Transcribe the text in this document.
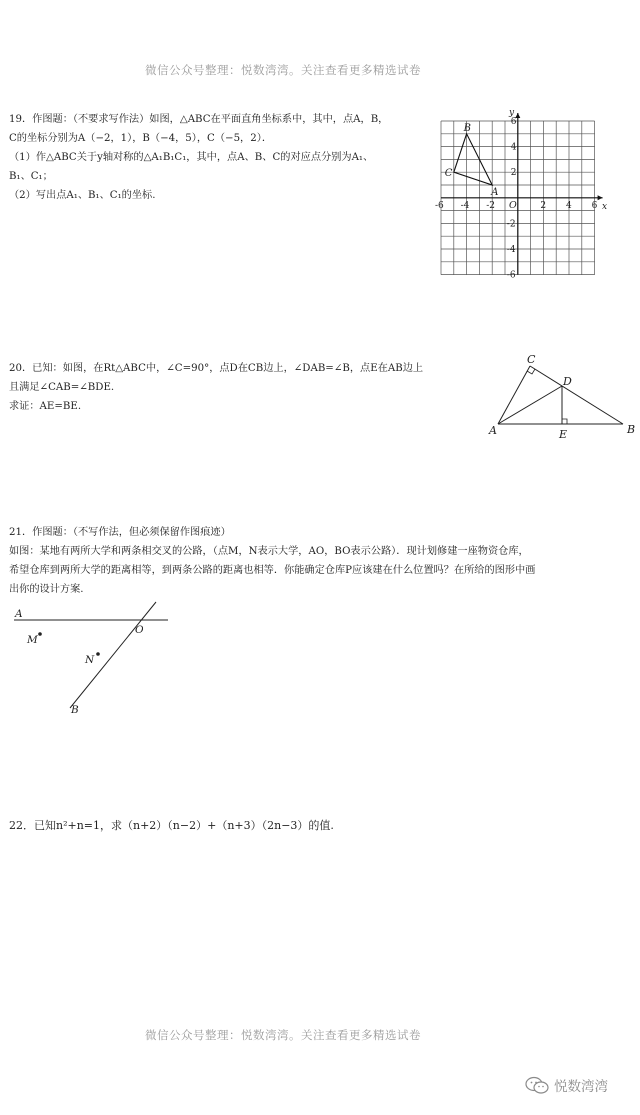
微信公众号整理：悦数湾湾。关注查看更多精选试卷
19．作图题：（不要求写作法）如图，△ABC在平面直角坐标系中，其中，点A，B，
C的坐标分别为A（−2，1），B（−4，5），C（−5，2）．
（1）作△ABC关于y轴对称的△A₁B₁C₁，其中，点A、B、C的对应点分别为A₁、
B₁、C₁；
（2）写出点A₁、B₁、C₁的坐标.
-6 -4 -2	2 4 6
6
4
2
-2
-4
-6
A
B
C
x
y
O
20．已知：如图，在Rt△ABC中，∠C=90°，点D在CB边上，∠DAB=∠B，点E在AB边上
且满足∠CAB=∠BDE.
求证：AE=BE.
C
D
A	E	B
21．作图题：（不写作法，但必须保留作图痕迹）
如图：某地有两所大学和两条相交叉的公路，（点M，N表示大学，AO，BO表示公路）．现计划修建一座物资仓库，
希望仓库到两所大学的距离相等，到两条公路的距离也相等．你能确定仓库P应该建在什么位置吗？在所给的图形中画
出你的设计方案.
A
O
M
N
B
22．已知n²+n=1，求（n+2）（n−2）+（n+3）（2n−3）的值.
微信公众号整理：悦数湾湾。关注查看更多精选试卷
悦数湾湾
